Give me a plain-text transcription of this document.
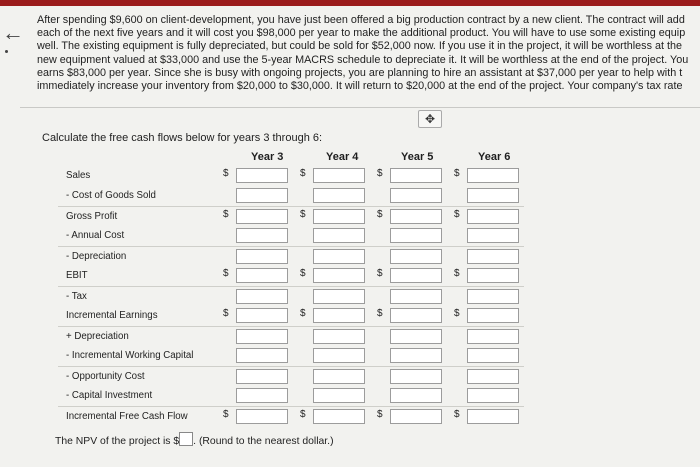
← After spending $9,600 on client-development, you have just been offered a big production contract by a new client. The contract will add
each of the next five years and it will cost you $98,000 per year to make the additional product. You will have to use some existing equip
well. The existing equipment is fully depreciated, but could be sold for $52,000 now. If you use it in the project, it will be worthless at the
new equipment valued at $33,000 and use the 5-year MACRS schedule to depreciate it. It will be worthless at the end of the project. You
earns $83,000 per year. Since she is busy with ongoing projects, you are planning to hire an assistant at $37,000 per year to help with t
immediately increase your inventory from $20,000 to $30,000. It will return to $20,000 at the end of the project. Your company's tax rate
✥
Calculate the free cash flows below for years 3 through 6:
Year 3	Year 4	Year 5	Year 6
Sales	$	$	$	$
- Cost of Goods Sold
Gross Profit	$	$	$	$
- Annual Cost
- Depreciation
EBIT	$	$	$	$
- Tax
Incremental Earnings	$	$	$	$
+ Depreciation
- Incremental Working Capital
- Opportunity Cost
- Capital Investment
Incremental Free Cash Flow	$	$	$	$
The NPV of the project is $ . (Round to the nearest dollar.)
